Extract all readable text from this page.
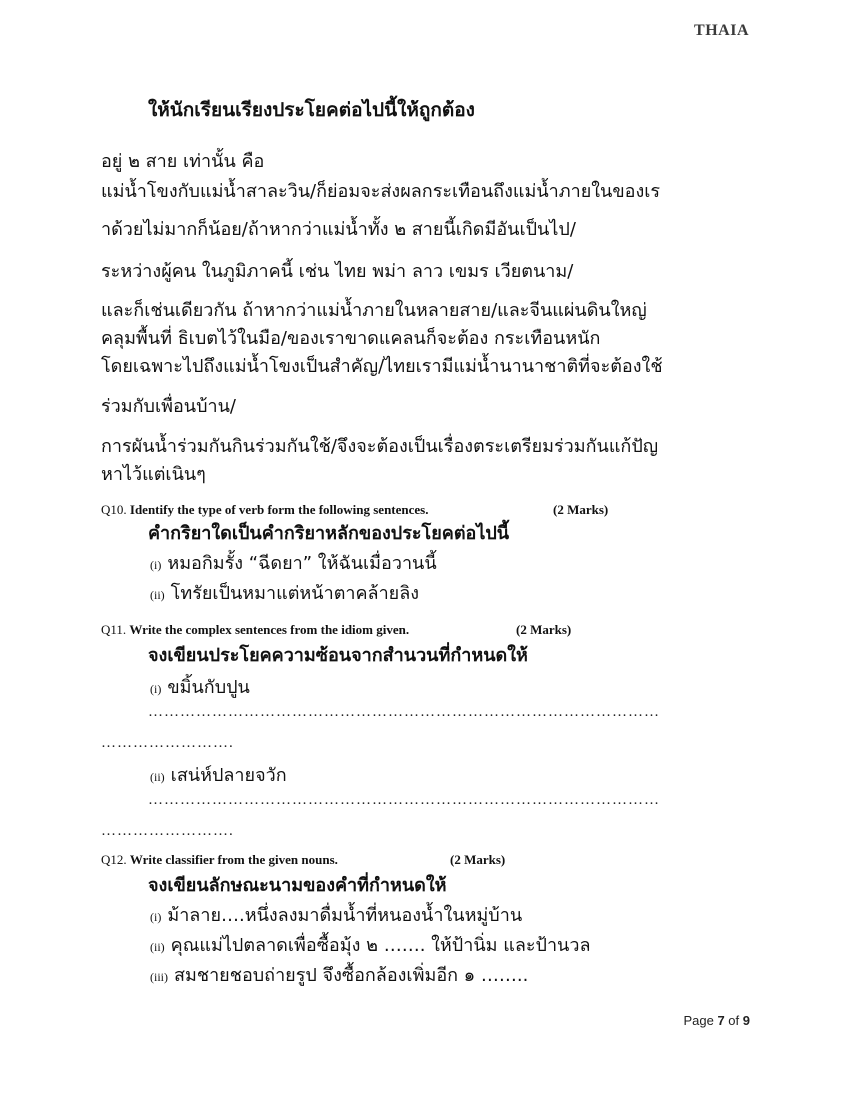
THAIA
ให้นักเรียนเรียงประโยคต่อไปนี้ให้ถูกต้อง
อยู่ ๒ สาย เท่านั้น คือ
แม่น้ำโขงกับแม่น้ำสาละวิน/ก็ย่อมจะส่งผลกระเทือนถึงแม่น้ำภายในของเร
าด้วยไม่มากก็น้อย/ถ้าหากว่าแม่น้ำทั้ง ๒ สายนี้เกิดมีอันเป็นไป/
ระหว่างผู้คน ในภูมิภาคนี้ เช่น ไทย พม่า ลาว เขมร เวียตนาม/
และก็เช่นเดียวกัน ถ้าหากว่าแม่น้ำภายในหลายสาย/และจีนแผ่นดินใหญ่
คลุมพื้นที่ ธิเบตไว้ในมือ/ของเราขาดแคลนก็จะต้อง กระเทือนหนัก
โดยเฉพาะไปถึงแม่น้ำโขงเป็นสำคัญ/ไทยเรามีแม่น้ำนานาชาติที่จะต้องใช้
ร่วมกับเพื่อนบ้าน/
การผันน้ำร่วมกันกินร่วมกันใช้/จึงจะต้องเป็นเรื่องตระเตรียมร่วมกันแก้ปัญ
หาไว้แต่เนินๆ
Q10. Identify the type of verb form the following sentences.	(2 Marks)
คำกริยาใดเป็นคำกริยาหลักของประโยคต่อไปนี้
(i) หมอกิมรั้ง “ฉีดยา” ให้ฉันเมื่อวานนี้
(ii) โทรัยเป็นหมาแต่หน้าตาคล้ายลิง
Q11. Write the complex sentences from the idiom given.	(2 Marks)
จงเขียนประโยคความซ้อนจากสำนวนที่กำหนดให้
(i) ขมิ้นกับปูน
……………………………………………………………………………………
…………………….
(ii) เสน่ห์ปลายจวัก
……………………………………………………………………………………
…………………….
Q12. Write classifier from the given nouns.	(2 Marks)
จงเขียนลักษณะนามของคำที่กำหนดให้
(i) ม้าลาย….หนึ่งลงมาดื่มน้ำที่หนองน้ำในหมู่บ้าน
(ii) คุณแม่ไปตลาดเพื่อซื้อมุ้ง ๒ ……. ให้ป้านิ่ม และป้านวล
(iii) สมชายชอบถ่ายรูป จึงซื้อกล้องเพิ่มอีก ๑ ……..
Page 7 of 9
